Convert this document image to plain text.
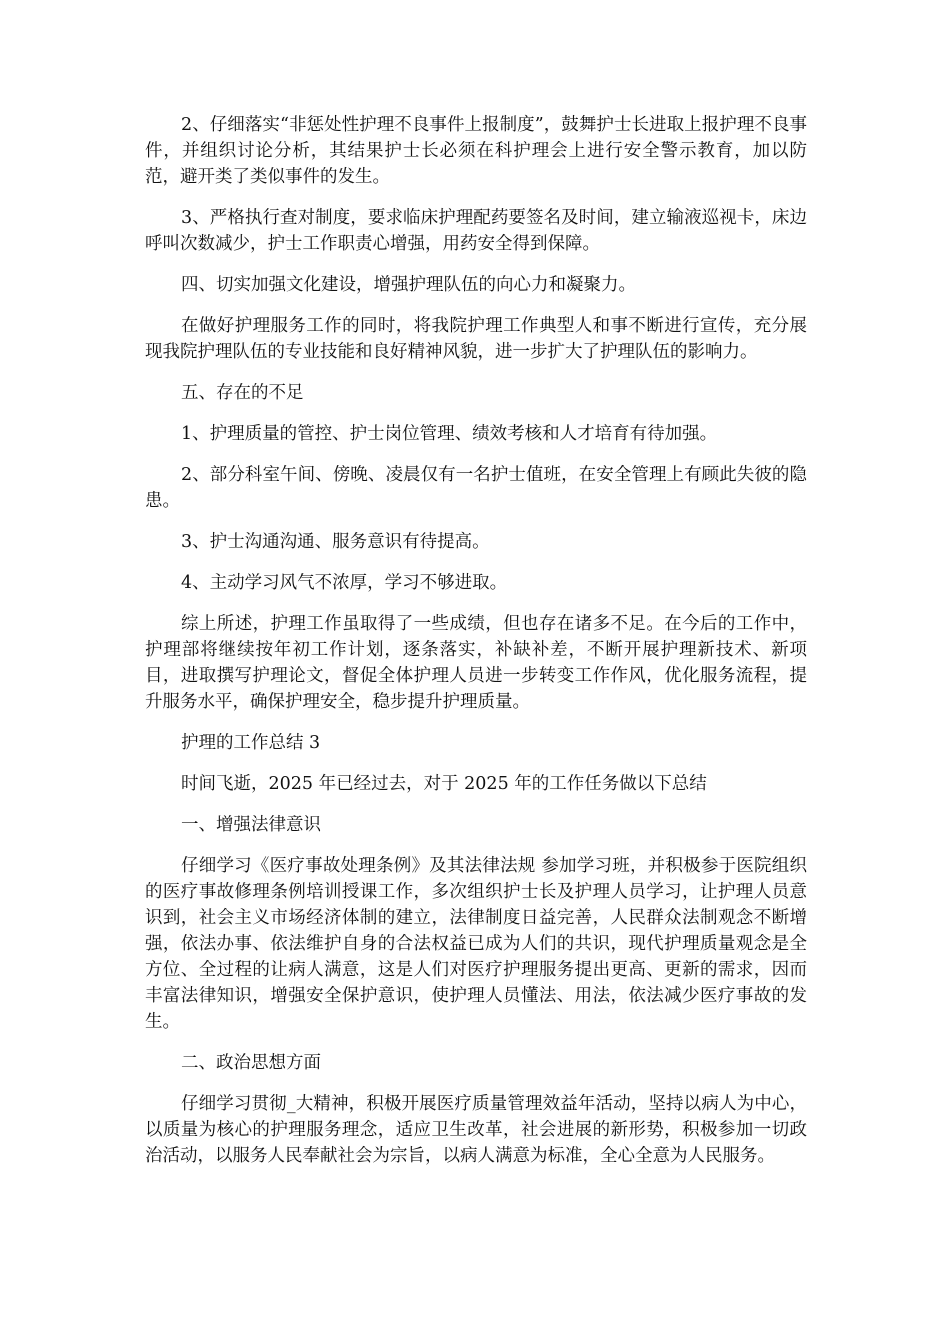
2、仔细落实“非惩处性护理不良事件上报制度”，鼓舞护士长进取上报护理不良事件，并组织讨论分析，其结果护士长必须在科护理会上进行安全警示教育，加以防范，避开类了类似事件的发生。

3、严格执行查对制度，要求临床护理配药要签名及时间，建立输液巡视卡，床边呼叫次数减少，护士工作职责心增强，用药安全得到保障。

四、切实加强文化建设，增强护理队伍的向心力和凝聚力。

在做好护理服务工作的同时，将我院护理工作典型人和事不断进行宣传，充分展现我院护理队伍的专业技能和良好精神风貌，进一步扩大了护理队伍的影响力。

五、存在的不足

1、护理质量的管控、护士岗位管理、绩效考核和人才培育有待加强。

2、部分科室午间、傍晚、凌晨仅有一名护士值班，在安全管理上有顾此失彼的隐患。

3、护士沟通沟通、服务意识有待提高。

4、主动学习风气不浓厚，学习不够进取。

综上所述，护理工作虽取得了一些成绩，但也存在诸多不足。在今后的工作中，护理部将继续按年初工作计划，逐条落实，补缺补差，不断开展护理新技术、新项目，进取撰写护理论文，督促全体护理人员进一步转变工作作风，优化服务流程，提升服务水平，确保护理安全，稳步提升护理质量。

护理的工作总结 3

时间飞逝，2025 年已经过去，对于 2025 年的工作任务做以下总结

一、增强法律意识

仔细学习《医疗事故处理条例》及其法律法规 参加学习班，并积极参于医院组织的医疗事故修理条例培训授课工作，多次组织护士长及护理人员学习，让护理人员意识到，社会主义市场经济体制的建立，法律制度日益完善，人民群众法制观念不断增强，依法办事、依法维护自身的合法权益已成为人们的共识，现代护理质量观念是全方位、全过程的让病人满意，这是人们对医疗护理服务提出更高、更新的需求，因而丰富法律知识，增强安全保护意识，使护理人员懂法、用法，依法减少医疗事故的发生。

二、政治思想方面

仔细学习贯彻_大精神，积极开展医疗质量管理效益年活动，坚持以病人为中心，以质量为核心的护理服务理念，适应卫生改革，社会进展的新形势，积极参加一切政治活动，以服务人民奉献社会为宗旨，以病人满意为标准，全心全意为人民服务。
